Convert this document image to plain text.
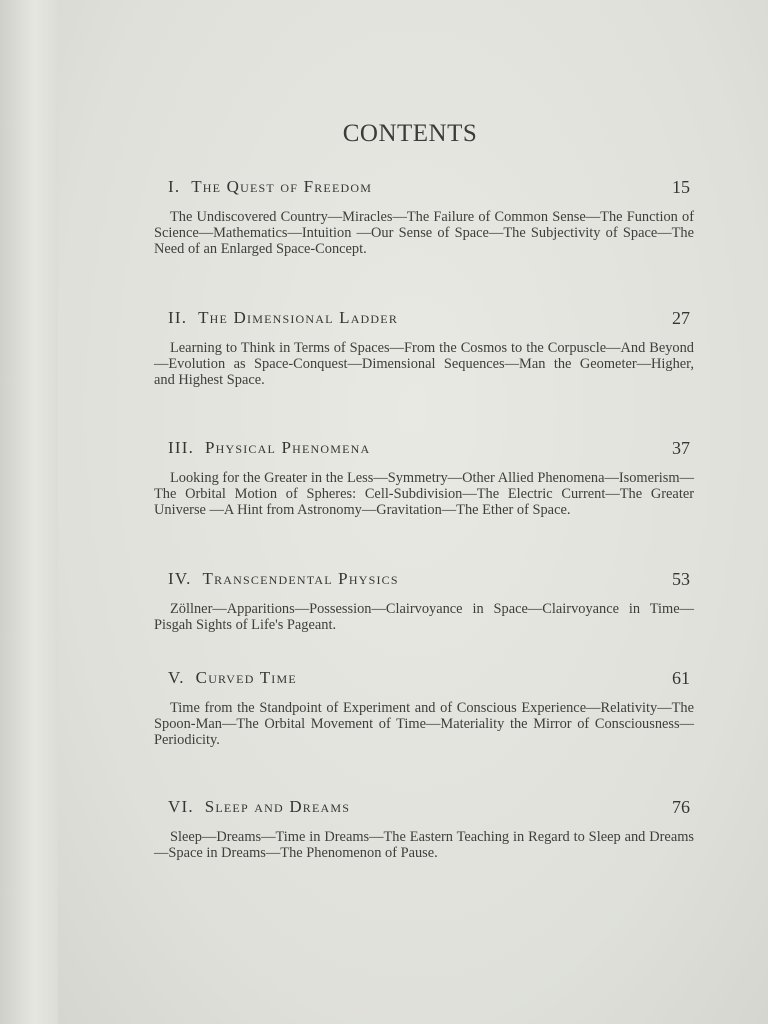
CONTENTS
I. The Quest of Freedom	15
The Undiscovered Country—Miracles—The Failure of Common Sense—The Function of Science—Mathematics—Intuition —Our Sense of Space—The Subjectivity of Space—The Need of an Enlarged Space-Concept.
II. The Dimensional Ladder	27
Learning to Think in Terms of Spaces—From the Cosmos to the Corpuscle—And Beyond—Evolution as Space-Conquest—Dimensional Sequences—Man the Geometer—Higher, and Highest Space.
III. Physical Phenomena	37
Looking for the Greater in the Less—Symmetry—Other Allied Phenomena—Isomerism—The Orbital Motion of Spheres: Cell-Subdivision—The Electric Current—The Greater Universe —A Hint from Astronomy—Gravitation—The Ether of Space.
IV. Transcendental Physics	53
Zöllner—Apparitions—Possession—Clairvoyance in Space—Clairvoyance in Time—Pisgah Sights of Life's Pageant.
V. Curved Time	61
Time from the Standpoint of Experiment and of Conscious Experience—Relativity—The Spoon-Man—The Orbital Movement of Time—Materiality the Mirror of Consciousness—Periodicity.
VI. Sleep and Dreams	76
Sleep—Dreams—Time in Dreams—The Eastern Teaching in Regard to Sleep and Dreams—Space in Dreams—The Phenomenon of Pause.
